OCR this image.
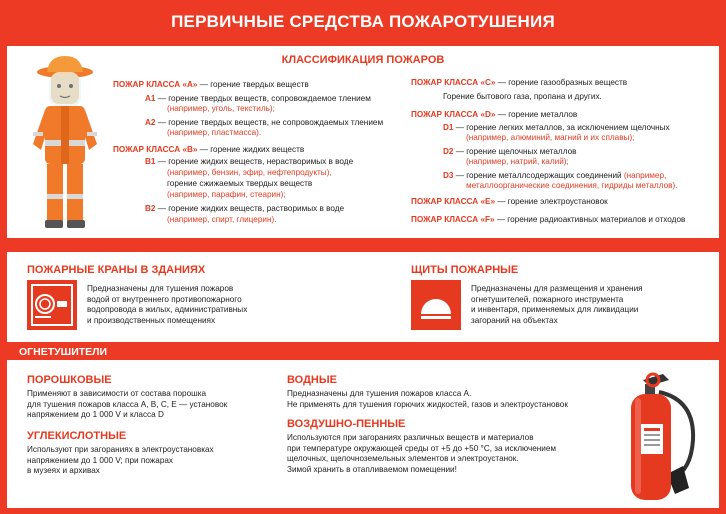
ПЕРВИЧНЫЕ СРЕДСТВА ПОЖАРОТУШЕНИЯ
КЛАССИФИКАЦИЯ ПОЖАРОВ
ПОЖАР КЛАССА «А» — горение твердых веществ
А1 — горение твердых веществ, сопровождаемое тлением
(например, уголь, текстиль);
А2 — горение твердых веществ, не сопровождаемых тлением
(например, пластмасса).
ПОЖАР КЛАССА «В» — горение жидких веществ
В1 — горение жидких веществ, нерастворимых в воде
(например, бензин, эфир, нефтепродукты),
горение сжижаемых твердых веществ
(например, парафин, стеарин);
В2 — горение жидких веществ, растворимых в воде
(например, спирт, глицерин).
ПОЖАР КЛАССА «С» — горение газообразных веществ
Горение бытового газа, пропана и других.
ПОЖАР КЛАССА «D» — горение металлов
D1 — горение легких металлов, за исключением щелочных
(например, алюминий, магний и их сплавы);
D2 — горение щелочных металлов
(например, натрий, калий);
D3 — горение металлсодержащих соединений (например,
металлоорганические соединения, гидриды металлов).
ПОЖАР КЛАССА «Е» — горение электроустановок
ПОЖАР КЛАССА «F» — горение радиоактивных материалов и отходов
ПОЖАРНЫЕ КРАНЫ В ЗДАНИЯХ
Предназначены для тушения пожаров
водой от внутреннего противопожарного
водопровода в жилых, административных
и производственных помещениях
ЩИТЫ ПОЖАРНЫЕ
Предназначены для размещения и хранения
огнетушителей, пожарного инструмента
и инвентаря, применяемых для ликвидации
загораний на объектах
ОГНЕТУШИТЕЛИ
ПОРОШКОВЫЕ
Применяют в зависимости от состава порошка
для тушения пожаров класса А, В, С, Е — установок
напряжением до 1 000 V и класса D
УГЛЕКИСЛОТНЫЕ
Используют при загораниях в электроустановках
напряжением до 1 000 V; при пожарах
в музеях и архивах
ВОДНЫЕ
Предназначены для тушения пожаров класса А.
Не применять для тушения горючих жидкостей, газов и электроустановок
ВОЗДУШНО-ПЕННЫЕ
Используются при загораниях различных веществ и материалов
при температуре окружающей среды от +5 до +50 °С, за исключением
щелочных, щелочноземельных элементов и электроустанок.
Зимой хранить в отапливаемом помещении!
